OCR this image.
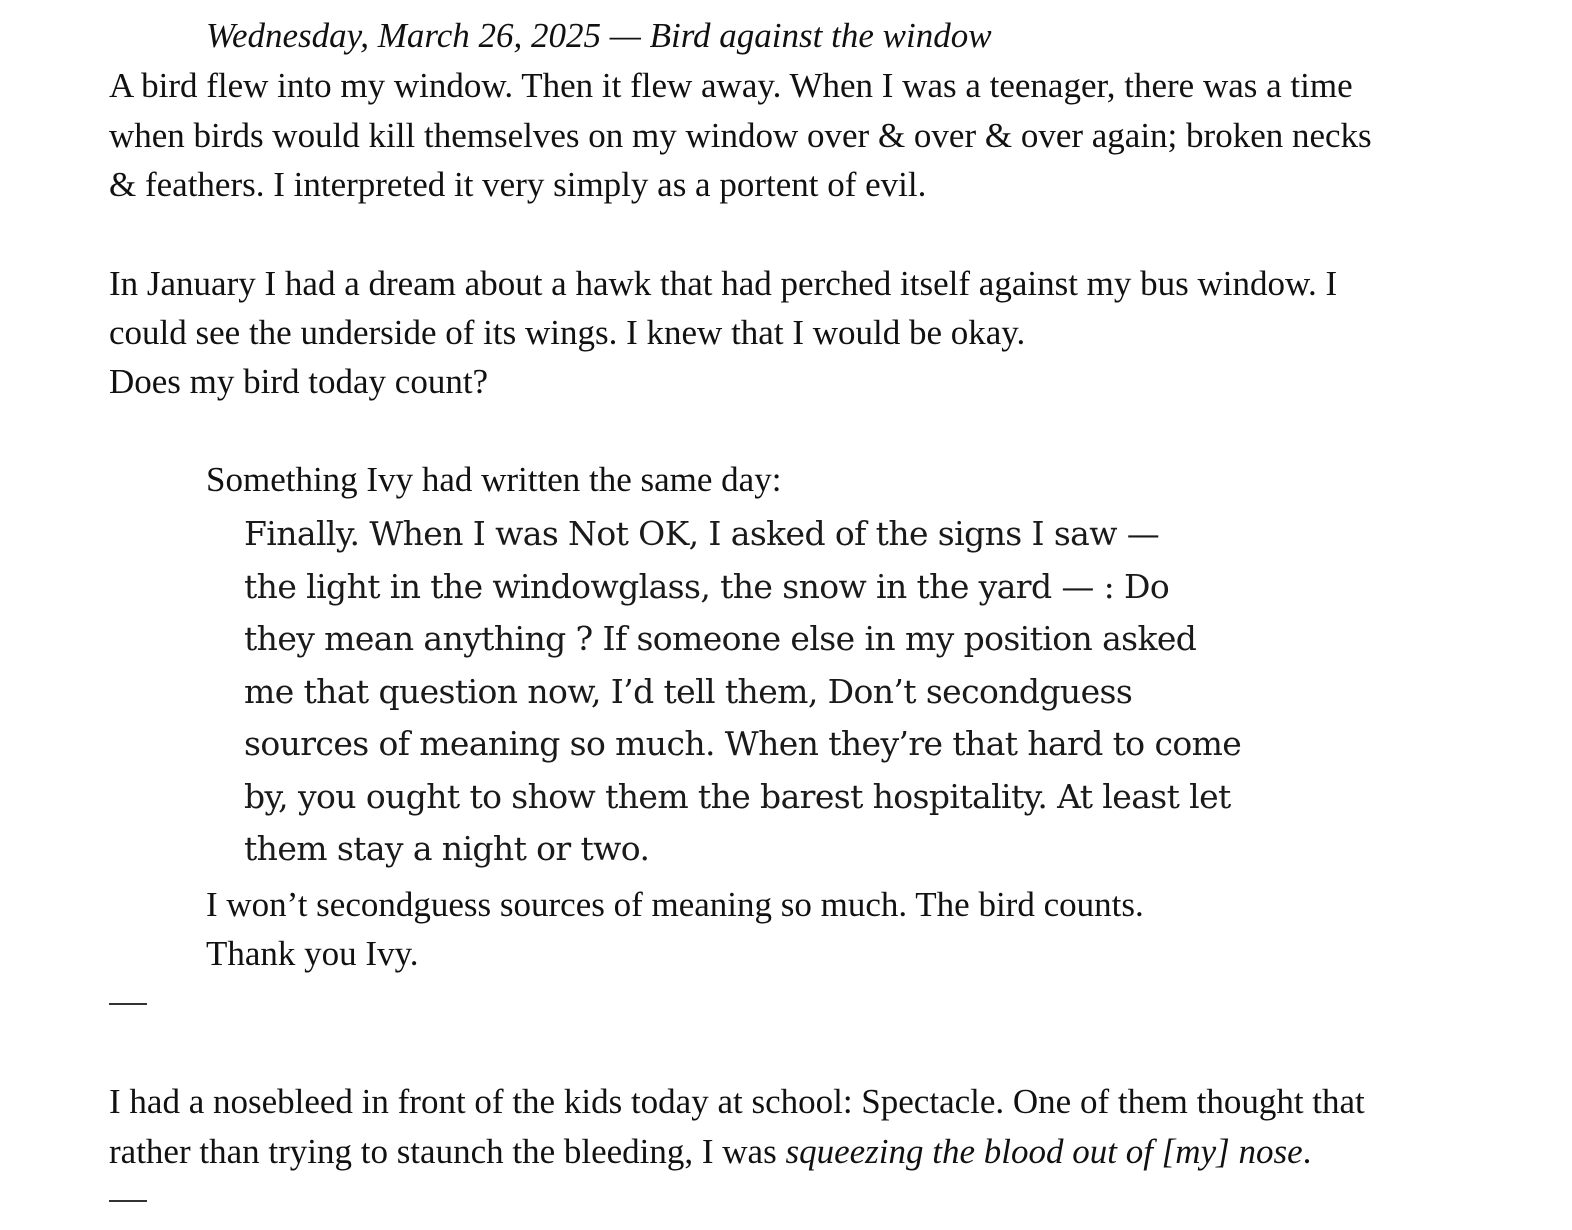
Wednesday, March 26, 2025 — Bird against the window
A bird flew into my window. Then it flew away. When I was a teenager, there was a time
when birds would kill themselves on my window over & over & over again; broken necks
& feathers. I interpreted it very simply as a portent of evil.
In January I had a dream about a hawk that had perched itself against my bus window. I
could see the underside of its wings. I knew that I would be okay.
Does my bird today count?
Something Ivy had written the same day:
Finally. When I was Not OK, I asked of the signs I saw —
the light in the windowglass, the snow in the yard — : Do
they mean anything ? If someone else in my position asked
me that question now, I’d tell them, Don’t secondguess
sources of meaning so much. When they’re that hard to come
by, you ought to show them the barest hospitality. At least let
them stay a night or two.
I won’t secondguess sources of meaning so much. The bird counts.
Thank you Ivy.
I had a nosebleed in front of the kids today at school: Spectacle. One of them thought that
rather than trying to staunch the bleeding, I was squeezing the blood out of [my] nose.
